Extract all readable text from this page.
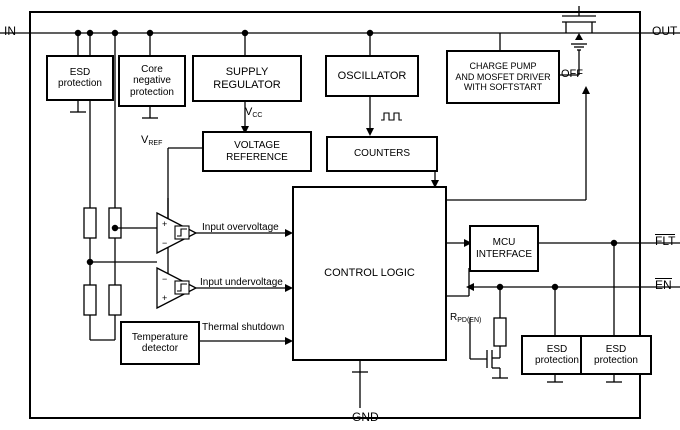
+
−
−
+
ESD
protection
Core
negative
protection
SUPPLY
REGULATOR
OSCILLATOR
CHARGE PUMP
AND MOSFET DRIVER
WITH SOFTSTART
VOLTAGE
REFERENCE	COUNTERS
CONTROL LOGIC
MCU
INTERFACE
Temperature
detector	ESD
protection
ESD
protection
IN	OUT
GND
FLT
EN
OFF
$V_{CC}$
$V_{REF}$
Input overvoltage
Input undervoltage
Thermal shutdown
$R_{PD(EN)}$
